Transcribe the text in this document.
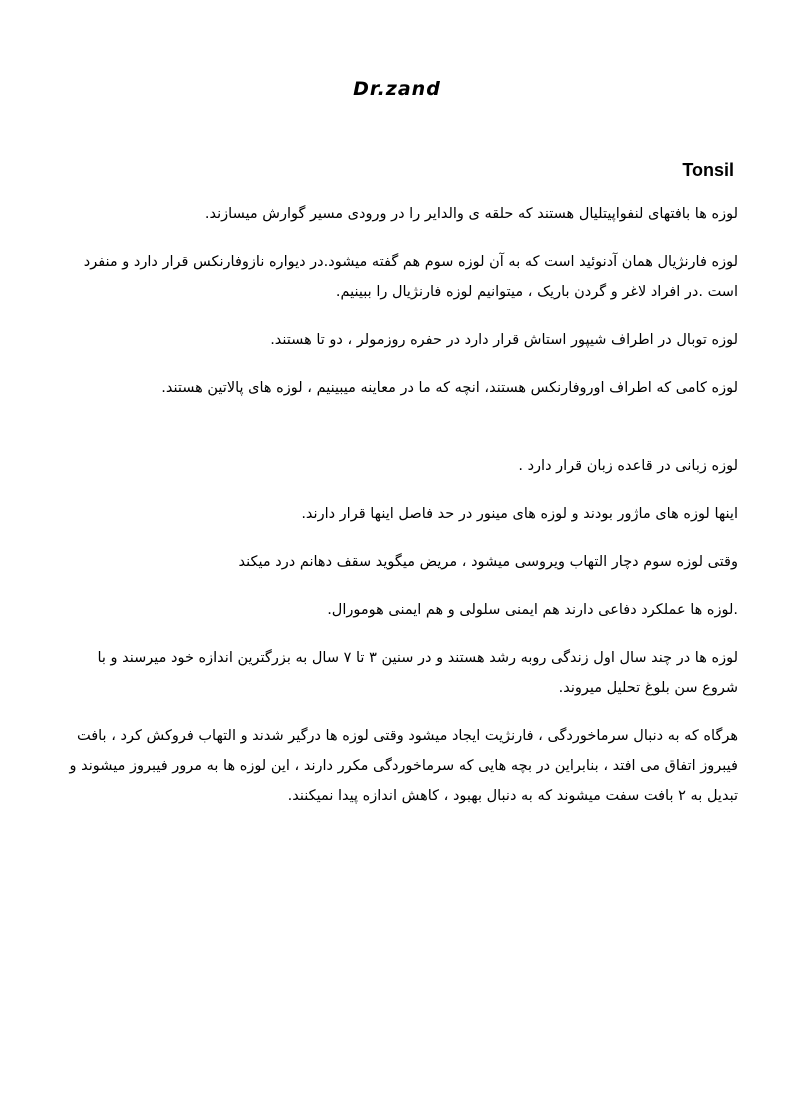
Dr.zand
Tonsil

لوزه ها بافتهای لنفواپیتلیال هستند که حلقه ی والدایر را در ورودی مسیر گوارش میسازند.

لوزه فارنژیال همان آدنوئید است که به آن لوزه سوم هم گفته میشود.در دیواره نازوفارنکس قرار دارد و منفرد است .در افراد لاغر و گردن باریک ، میتوانیم لوزه فارنژیال را ببینیم.

لوزه توبال در اطراف شیپور استاش قرار دارد در حفره روزمولر ، دو تا هستند.

لوزه کامی که اطراف اوروفارنکس هستند، انچه که ما در معاینه میبینیم ، لوزه های پالاتین هستند.

لوزه زبانی در قاعده زبان قرار دارد .

اینها لوزه های ماژور بودند و لوزه های مینور در حد فاصل اینها قرار دارند.

وقتی لوزه سوم دچار التهاب ویروسی میشود ، مریض میگوید سقف دهانم درد میکند

.لوزه ها عملکرد دفاعی دارند هم ایمنی سلولی و هم ایمنی هومورال.

لوزه ها در چند سال اول زندگی روبه رشد هستند و در سنین ۳ تا ۷ سال به بزرگترین اندازه خود میرسند و با شروع سن بلوغ تحلیل میروند.

هرگاه که به دنبال سرماخوردگی ، فارنژیت ایجاد میشود وقتی لوزه ها درگیر شدند و التهاب فروکش کرد ، بافت فیبروز اتفاق می افتد ، بنابراین در بچه هایی که سرماخوردگی مکرر دارند ، این لوزه ها به مرور فیبروز میشوند و تبدیل به ۲ بافت سفت میشوند که به دنبال بهبود ، کاهش اندازه پیدا نمیکنند.
